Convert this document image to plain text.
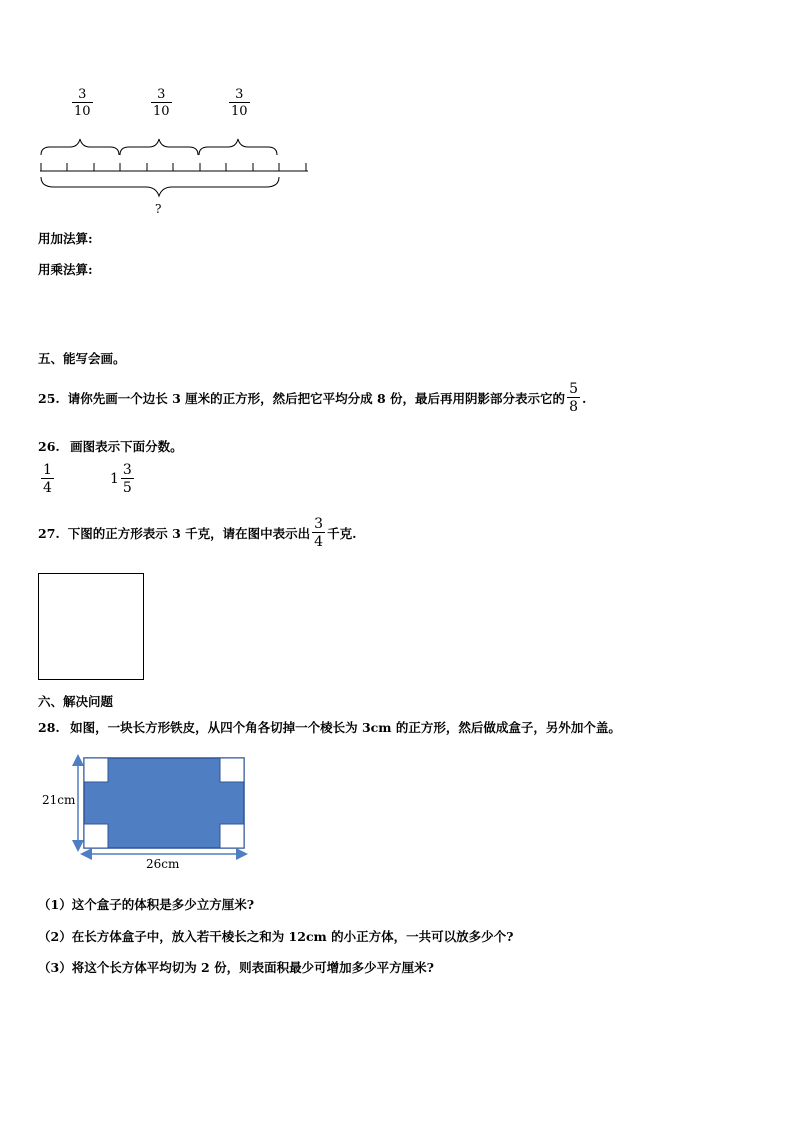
3
10
3
10
3
10
?
用加法算:
用乘法算:
五、能写会画。
25. 请你先画一个边长 3 厘米的正方形，然后把它平均分成 8 份，最后再用阴影部分表示它的 $\frac{5}{8}$ .
26. 画图表示下面分数。
1
4
$1 \frac{3}{5}$
27. 下图的正方形表示 3 千克，请在图中表示出 $\frac{3}{4}$ 千克.
六、解决问题
28. 如图，一块长方形铁皮，从四个角各切掉一个棱长为 3cm 的正方形，然后做成盒子，另外加个盖。
21cm
26cm
（1）这个盒子的体积是多少立方厘米?
（2）在长方体盒子中，放入若干棱长之和为 12cm 的小正方体，一共可以放多少个?
（3）将这个长方体平均切为 2 份，则表面积最少可增加多少平方厘米?
